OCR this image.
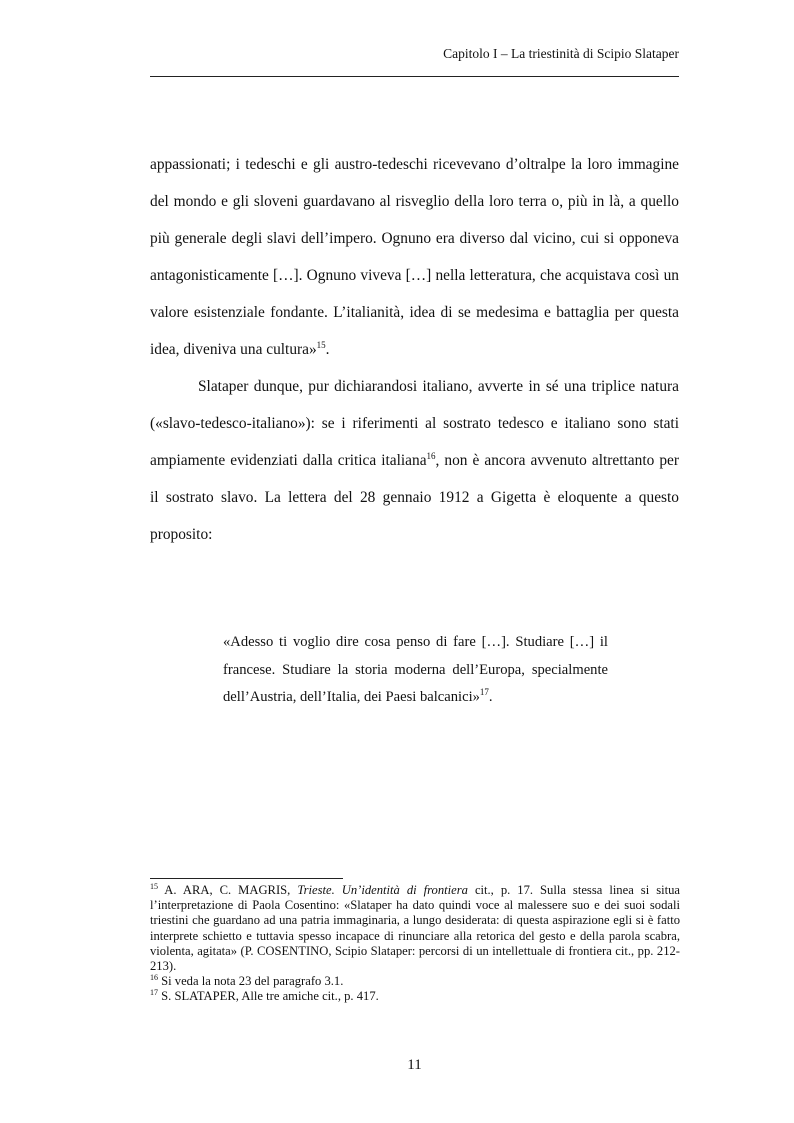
Capitolo I – La triestinità di Scipio Slataper

appassionati; i tedeschi e gli austro-tedeschi ricevevano d’oltralpe la loro immagine del mondo e gli sloveni guardavano al risveglio della loro terra o, più in là, a quello più generale degli slavi dell’impero. Ognuno era diverso dal vicino, cui si opponeva antagonisticamente […]. Ognuno viveva […] nella letteratura, che acquistava così un valore esistenziale fondante. L’italianità, idea di se medesima e battaglia per questa idea, diveniva una cultura»$^{15}$.

Slataper dunque, pur dichiarandosi italiano, avverte in sé una triplice natura («slavo-tedesco-italiano»): se i riferimenti al sostrato tedesco e italiano sono stati ampiamente evidenziati dalla critica italiana$^{16}$, non è ancora avvenuto altrettanto per il sostrato slavo. La lettera del 28 gennaio 1912 a Gigetta è eloquente a questo proposito:

«Adesso ti voglio dire cosa penso di fare […]. Studiare […] il francese. Studiare la storia moderna dell’Europa, specialmente dell’Austria, dell’Italia, dei Paesi balcanici»$^{17}$.

$^{15}$ A. ARA, C. MAGRIS, Trieste. Un’identità di frontiera cit., p. 17. Sulla stessa linea si situa l’interpretazione di Paola Cosentino: «Slataper ha dato quindi voce al malessere suo e dei suoi sodali triestini che guardano ad una patria immaginaria, a lungo desiderata: di questa aspirazione egli si è fatto interprete schietto e tuttavia spesso incapace di rinunciare alla retorica del gesto e della parola scabra, violenta, agitata» (P. COSENTINO, Scipio Slataper: percorsi di un intellettuale di frontiera cit., pp. 212-213).

$^{16}$ Si veda la nota 23 del paragrafo 3.1.

$^{17}$ S. SLATAPER, Alle tre amiche cit., p. 417.

11
